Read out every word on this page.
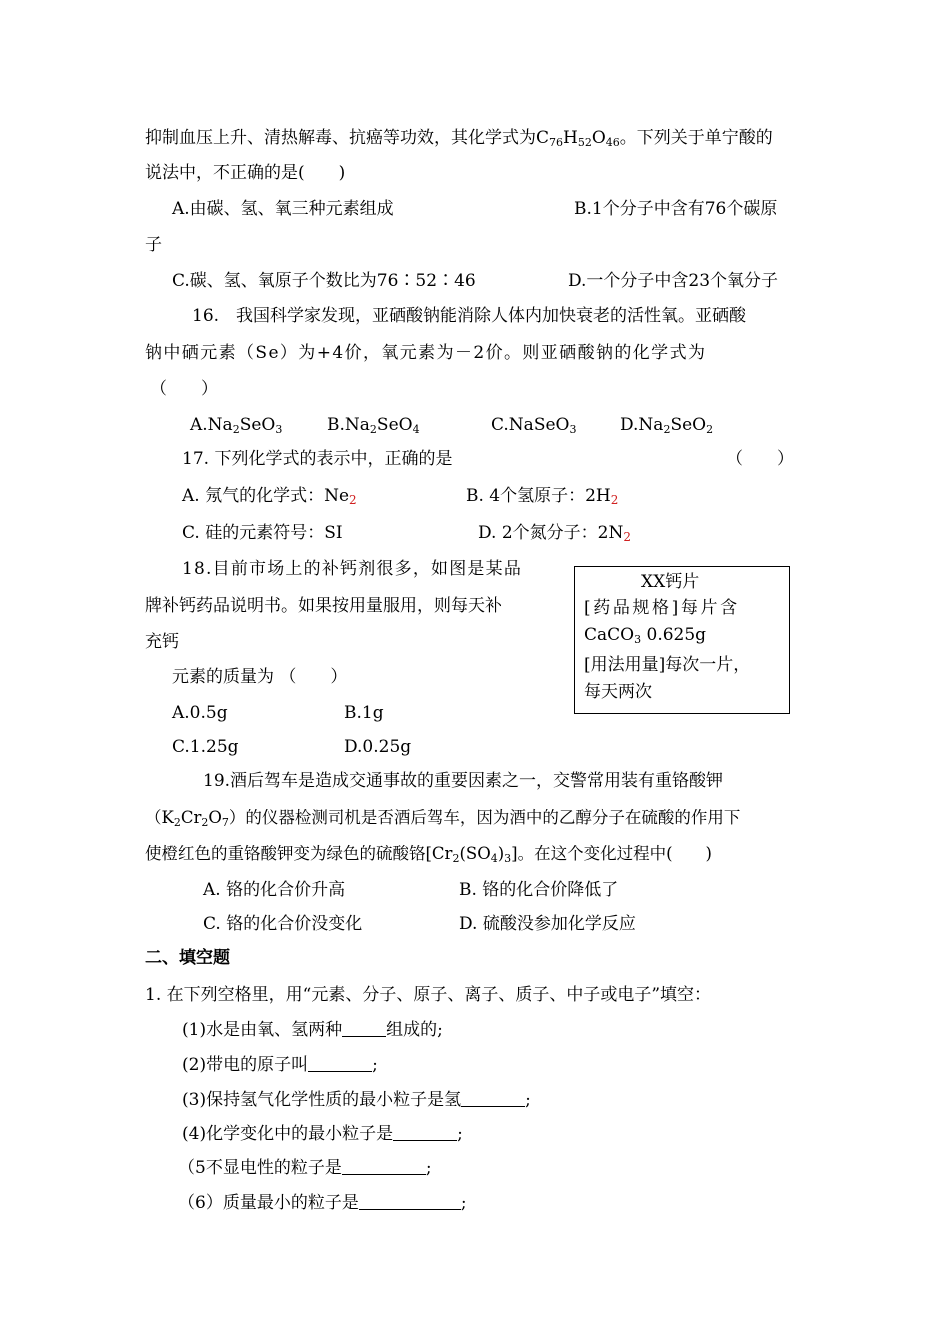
抑制血压上升、清热解毒、抗癌等功效，其化学式为$C_{76}H_{52}O_{46}$。下列关于单宁酸的
说法中，不正确的是(　　)
A.由碳、氢、氧三种元素组成	B.1个分子中含有76个碳原
子
C.碳、氢、氧原子个数比为76∶52∶46	D.一个分子中含23个氧分子
16.　我国科学家发现，亚硒酸钠能消除人体内加快衰老的活性氧。亚硒酸
钠中硒元素（Se）为+4价，氧元素为－2价。则亚硒酸钠的化学式为
（　　）
$A.Na_2SeO_3$	$B.Na_2SeO_4$	C.NaSeO$_3$	$D.Na_2SeO_2$
17. 下列化学式的表示中，正确的是	（　　）
A. 氖气的化学式：Ne2	B. 4个氢原子：2H2
C. 硅的元素符号：SI	D. 2个氮分子：2N2
18.目前市场上的补钙剂很多，如图是某品
牌补钙药品说明书。如果按用量服用，则每天补
充钙
元素的质量为 （　　）
A.0.5g	B.1g
C.1.25g	D.0.25g
XX钙片
[药品规格]每片含
CaCO$_3$ 0.625g
[用法用量]每次一片，
每天两次
19.酒后驾车是造成交通事故的重要因素之一，交警常用装有重铬酸钾
$(K_2Cr_2O_7)$的仪器检测司机是否酒后驾车，因为酒中的乙醇分子在硫酸的作用下
使橙红色的重铬酸钾变为绿色的硫酸铬$[Cr_2(SO_4)_3]$。在这个变化过程中(　　)
A. 铬的化合价升高	B. 铬的化合价降低了
C. 铬的化合价没变化	D. 硫酸没参加化学反应
二、填空题
1. 在下列空格里，用“元素、分子、原子、离子、质子、中子或电子”填空：
(1)水是由氧、氢两种	组成的;
(2)带电的原子叫	;
(3)保持氢气化学性质的最小粒子是氢	;
(4)化学变化中的最小粒子是	;
（5不显电性的粒子是	;
（6）质量最小的粒子是	;
